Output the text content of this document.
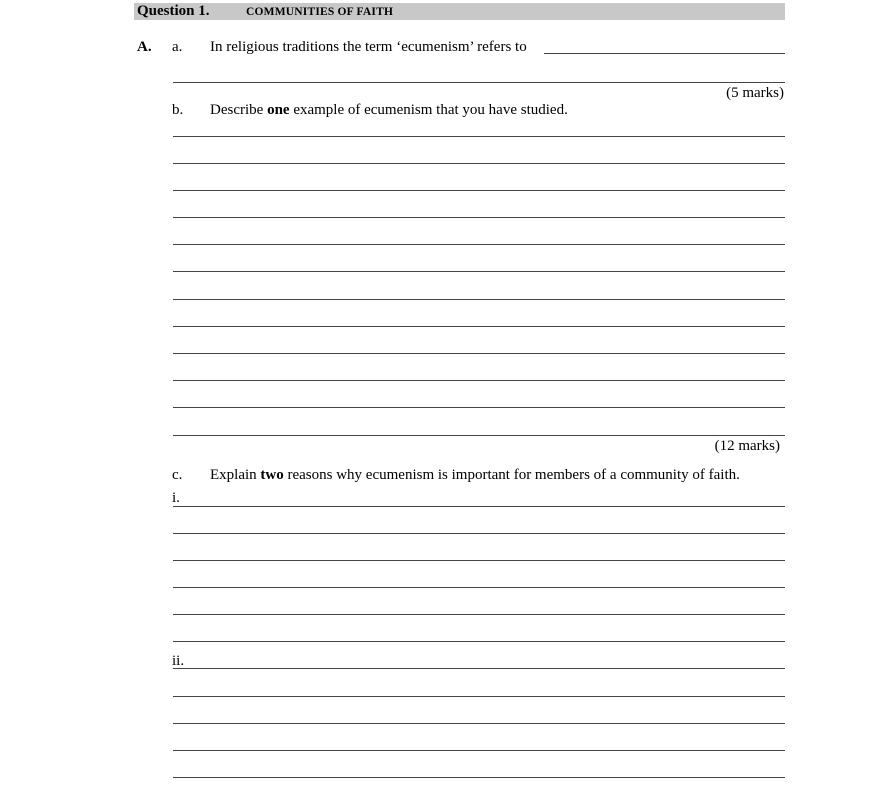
Question 1.	COMMUNITIES OF FAITH
A. a. In religious traditions the term ‘ecumenism’ refers to
(5 marks)
b. Describe one example of ecumenism that you have studied.
(12 marks)
c. Explain two reasons why ecumenism is important for members of a community of faith.
i.
ii.
